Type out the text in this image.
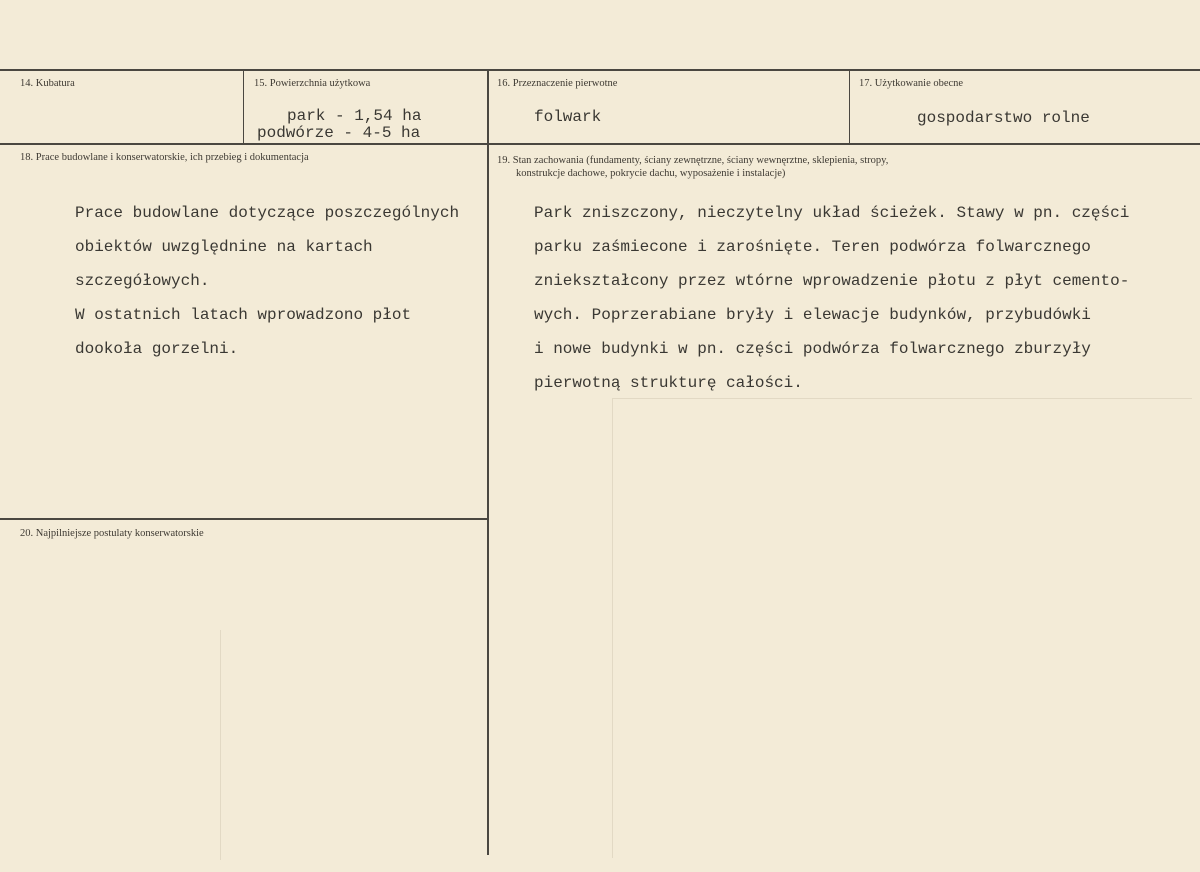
14. Kubatura	15. Powierzchnia użytkowa
park - 1,54 ha
podwórze - 4-5 ha
16. Przeznaczenie pierwotne
folwark
17. Użytkowanie obecne
gospodarstwo rolne
18. Prace budowlane i konserwatorskie, ich przebieg i dokumentacja
Prace budowlane dotyczące poszczególnych
obiektów uwzględnine na kartach
szczegółowych.
W ostatnich latach wprowadzono płot
dookoła gorzelni.
19. Stan zachowania (fundamenty, ściany zewnętrzne, ściany wewnęrztne, sklepienia, stropy,
konstrukcje dachowe, pokrycie dachu, wyposażenie i instalacje)
Park zniszczony, nieczytelny układ ścieżek. Stawy w pn. części
parku zaśmiecone i zarośnięte. Teren podwórza folwarcznego
zniekształcony przez wtórne wprowadzenie płotu z płyt cemento-
wych. Poprzerabiane bryły i elewacje budynków, przybudówki
i nowe budynki w pn. części podwórza folwarcznego zburzyły
pierwotną strukturę całości.
20. Najpilniejsze postulaty konserwatorskie
